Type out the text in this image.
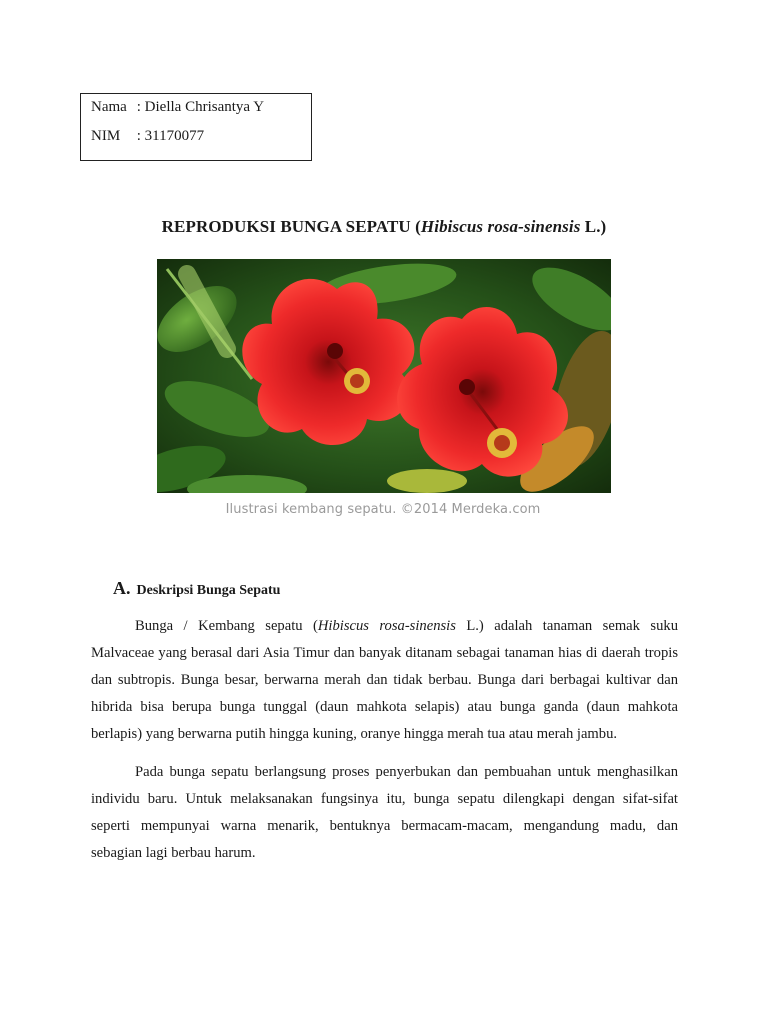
Nama : Diella Chrisantya Y
NIM : 31170077
REPRODUKSI BUNGA SEPATU (Hibiscus rosa-sinensis L.)
Ilustrasi kembang sepatu. ©2014 Merdeka.com
A. Deskripsi Bunga Sepatu
Bunga / Kembang sepatu (Hibiscus rosa-sinensis L.) adalah tanaman semak suku
Malvaceae yang berasal dari Asia Timur dan banyak ditanam sebagai tanaman hias di daerah tropis
dan subtropis. Bunga besar, berwarna merah dan tidak berbau. Bunga dari berbagai kultivar dan
hibrida bisa berupa bunga tunggal (daun mahkota selapis) atau bunga ganda (daun mahkota
berlapis) yang berwarna putih hingga kuning, oranye hingga merah tua atau merah jambu.
Pada bunga sepatu berlangsung proses penyerbukan dan pembuahan untuk menghasilkan
individu baru. Untuk melaksanakan fungsinya itu, bunga sepatu dilengkapi dengan sifat-sifat
seperti mempunyai warna menarik, bentuknya bermacam-macam, mengandung madu, dan
sebagian lagi berbau harum.
